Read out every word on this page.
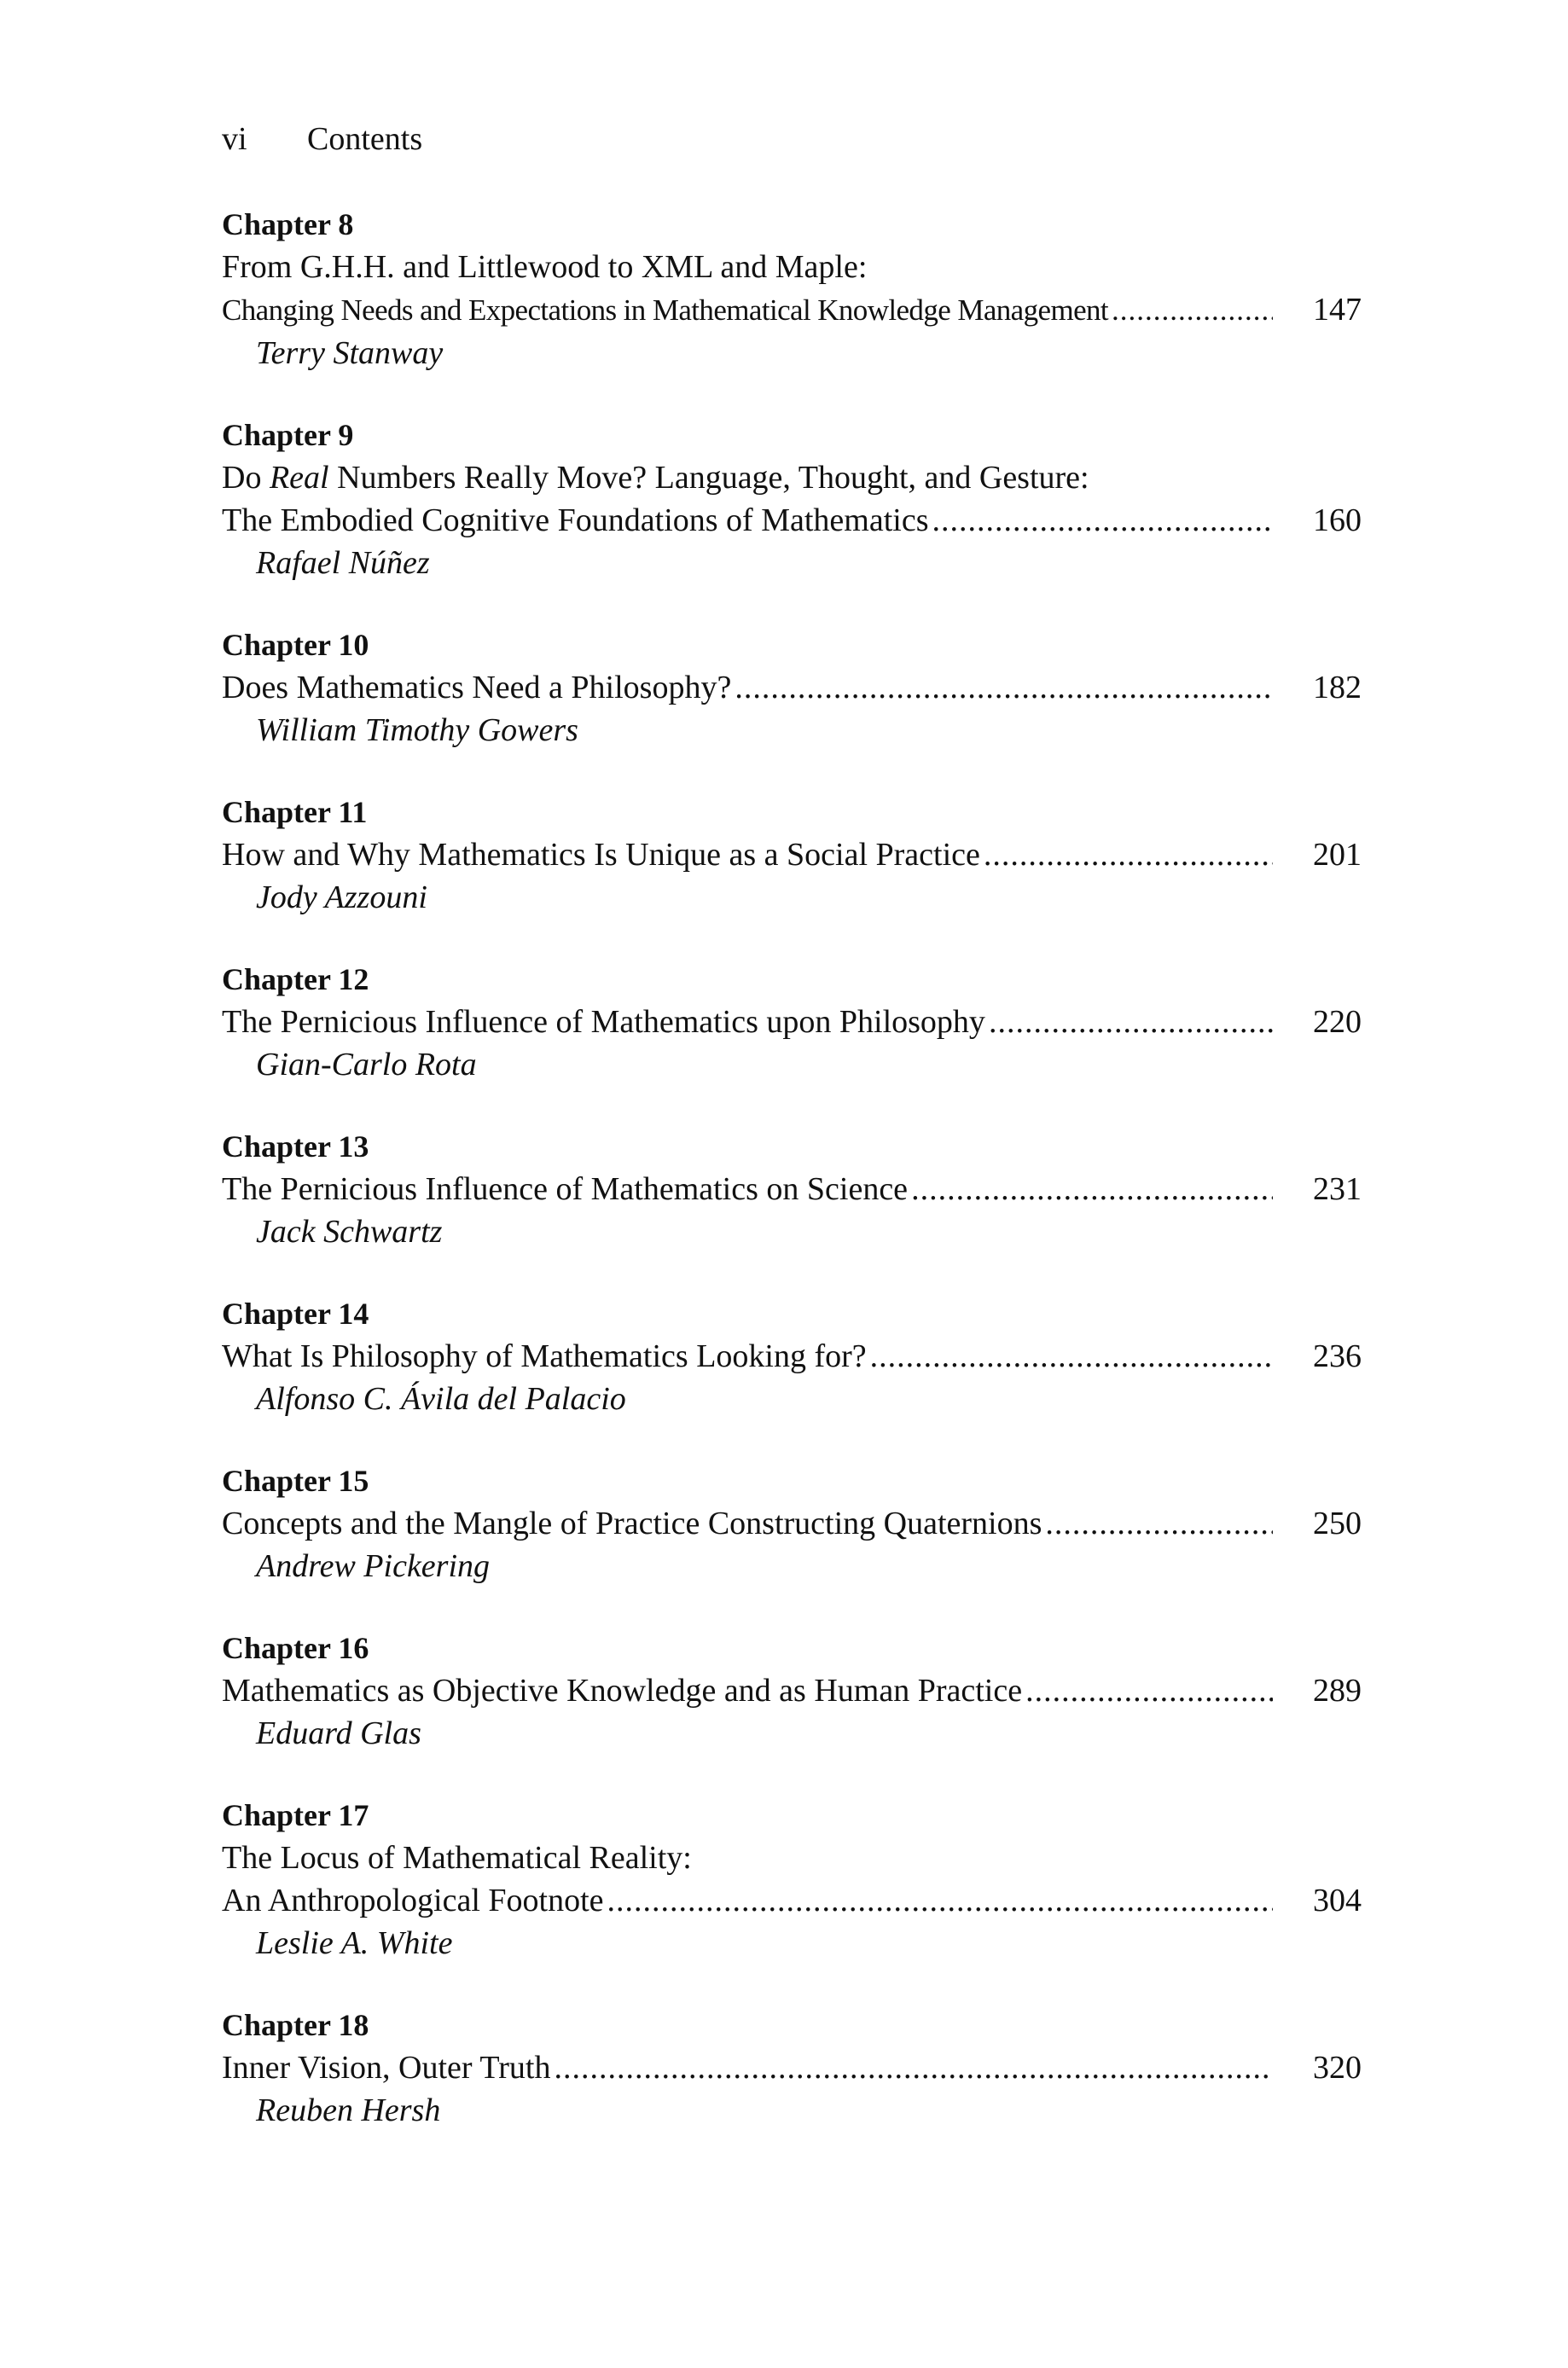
vi Contents
Chapter 8
From G.H.H. and Littlewood to XML and Maple:
Changing Needs and Expectations in Mathematical Knowledge Management .....	147
Terry Stanway
Chapter 9
Do Real Numbers Really Move? Language, Thought, and Gesture:
The Embodied Cognitive Foundations of Mathematics .....	160
Rafael Núñez
Chapter 10
Does Mathematics Need a Philosophy? .....	182
William Timothy Gowers
Chapter 11
How and Why Mathematics Is Unique as a Social Practice .....	201
Jody Azzouni
Chapter 12
The Pernicious Influence of Mathematics upon Philosophy .....	220
Gian-Carlo Rota
Chapter 13
The Pernicious Influence of Mathematics on Science .....	231
Jack Schwartz
Chapter 14
What Is Philosophy of Mathematics Looking for? .....	236
Alfonso C. Ávila del Palacio
Chapter 15
Concepts and the Mangle of Practice Constructing Quaternions .....	250
Andrew Pickering
Chapter 16
Mathematics as Objective Knowledge and as Human Practice .....	289
Eduard Glas
Chapter 17
The Locus of Mathematical Reality:
An Anthropological Footnote .....	304
Leslie A. White
Chapter 18
Inner Vision, Outer Truth .....	320
Reuben Hersh
